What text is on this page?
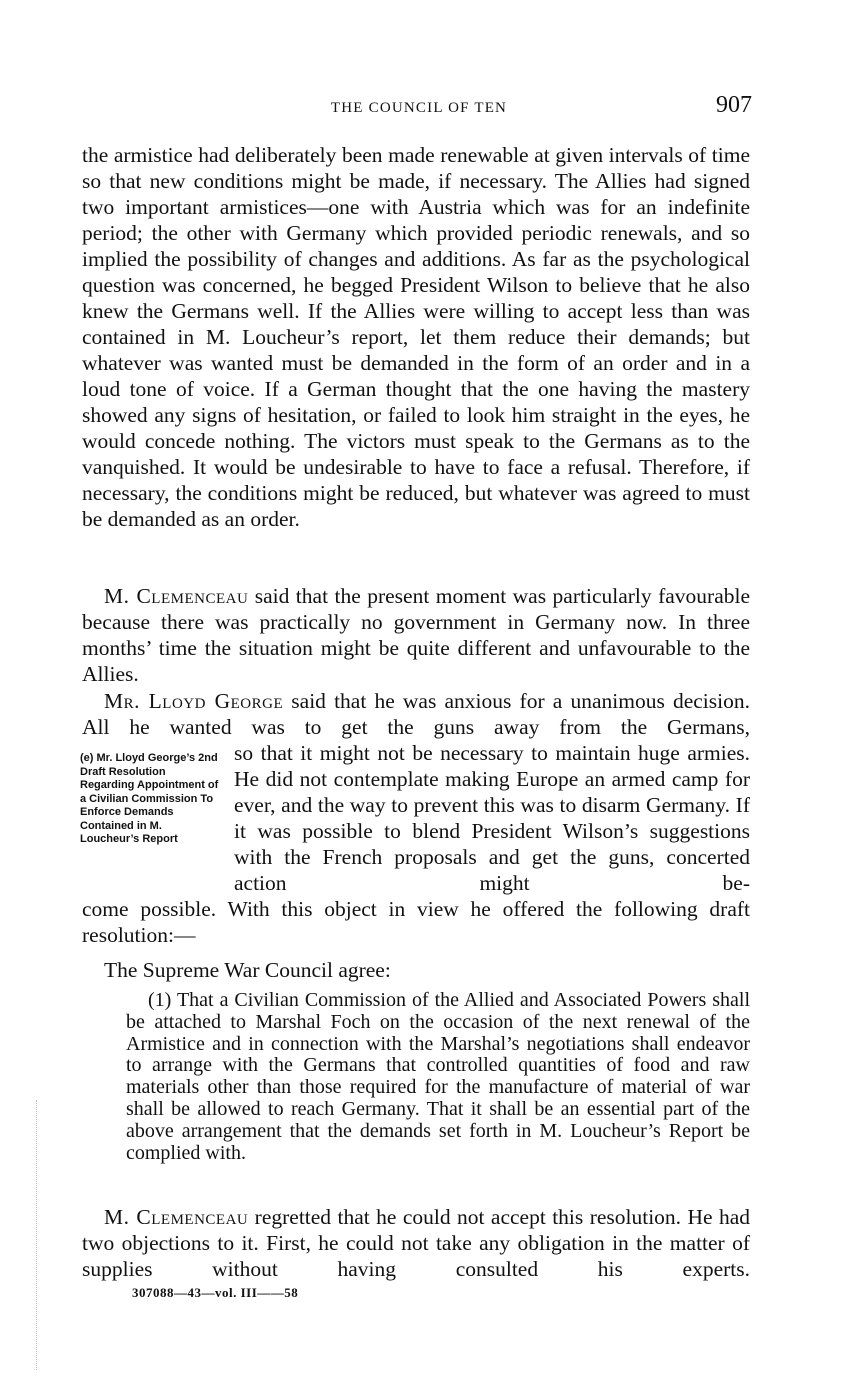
THE COUNCIL OF TEN	907

the armistice had deliberately been made renewable at given intervals of time so that new conditions might be made, if necessary. The Allies had signed two important armistices—one with Austria which was for an indefinite period; the other with Germany which provided periodic renewals, and so implied the possibility of changes and additions. As far as the psychological question was concerned, he begged President Wilson to believe that he also knew the Germans well. If the Allies were willing to accept less than was contained in M. Loucheur’s report, let them reduce their demands; but whatever was wanted must be demanded in the form of an order and in a loud tone of voice. If a German thought that the one having the mastery showed any signs of hesitation, or failed to look him straight in the eyes, he would concede nothing. The victors must speak to the Germans as to the vanquished. It would be undesirable to have to face a refusal. Therefore, if necessary, the conditions might be reduced, but whatever was agreed to must be demanded as an order.

M. Clemenceau said that the present moment was particularly favourable because there was practically no government in Germany now. In three months’ time the situation might be quite different and unfavourable to the Allies.

Mr. Lloyd George said that he was anxious for a unanimous decision. All he wanted was to get the guns away from the Germans,

(e) Mr. Lloyd George’s 2nd Draft Resolution Regarding Appointment of a Civilian Commission To Enforce Demands Contained in M. Loucheur’s Report

so that it might not be necessary to maintain huge armies. He did not contemplate making Europe an armed camp for ever, and the way to prevent this was to disarm Germany. If it was possible to blend President Wilson’s suggestions with the French proposals and get the guns, concerted action might be-

come possible. With this object in view he offered the following draft resolution:—

The Supreme War Council agree:

(1) That a Civilian Commission of the Allied and Associated Powers shall be attached to Marshal Foch on the occasion of the next renewal of the Armistice and in connection with the Marshal’s negotiations shall endeavor to arrange with the Germans that controlled quantities of food and raw materials other than those required for the manufacture of material of war shall be allowed to reach Germany. That it shall be an essential part of the above arrangement that the demands set forth in M. Loucheur’s Report be complied with.

M. Clemenceau regretted that he could not accept this resolution. He had two objections to it. First, he could not take any obligation in the matter of supplies without having consulted his experts.

307088—43—vol. III——58
